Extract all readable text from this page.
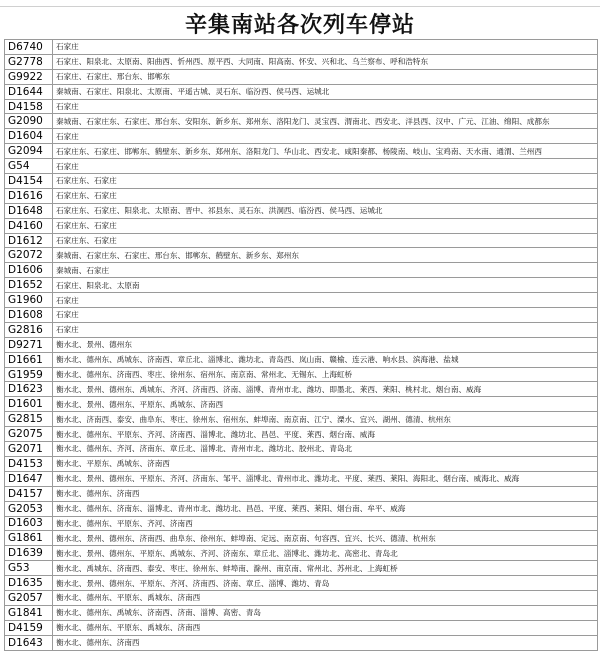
辛集南站各次列车停站
D6740	石家庄
G2778	石家庄、阳泉北、太原南、阳曲西、忻州西、原平西、大同南、阳高南、怀安、兴和北、乌兰察布、呼和浩特东
G9922	石家庄、石家庄、邢台东、邯郸东
D1644	秦城南、石家庄、阳泉北、太原南、平遥古城、灵石东、临汾西、侯马西、运城北
D4158	石家庄
G2090	秦城南、石家庄东、石家庄、邢台东、安阳东、新乡东、郑州东、洛阳龙门、灵宝西、渭南北、西安北、洋县西、汉中、广元、江油、绵阳、成都东
D1604	石家庄
G2094	石家庄东、石家庄、邯郸东、鹤壁东、新乡东、郑州东、洛阳龙门、华山北、西安北、咸阳秦都、杨陵南、岐山、宝鸡南、天水南、通渭、兰州西
G54	石家庄
D4154	石家庄东、石家庄
D1616	石家庄东、石家庄
D1648	石家庄东、石家庄、阳泉北、太原南、晋中、祁县东、灵石东、洪洞西、临汾西、侯马西、运城北
D4160	石家庄东、石家庄
D1612	石家庄东、石家庄
G2072	秦城南、石家庄东、石家庄、邢台东、邯郸东、鹤壁东、新乡东、郑州东
D1606	秦城南、石家庄
D1652	石家庄、阳泉北、太原南
G1960	石家庄
D1608	石家庄
G2816	石家庄
D9271	衡水北、景州、德州东
D1661	衡水北、德州东、禹城东、济南西、章丘北、淄博北、潍坊北、青岛西、岚山南、赣榆、连云港、响水县、滨海港、盐城
G1959	衡水北、德州东、济南西、枣庄、徐州东、宿州东、南京南、常州北、无锡东、上海虹桥
D1623	衡水北、景州、德州东、禹城东、齐河、济南西、济南、淄博、青州市北、潍坊、即墨北、莱西、莱阳、桃村北、烟台南、威海
D1601	衡水北、景州、德州东、平原东、禹城东、济南西
G2815	衡水北、济南西、泰安、曲阜东、枣庄、徐州东、宿州东、蚌埠南、南京南、江宁、溧水、宜兴、湖州、德清、杭州东
G2075	衡水北、德州东、平原东、齐河、济南西、淄博北、潍坊北、昌邑、平度、莱西、烟台南、威海
G2071	衡水北、德州东、齐河、济南东、章丘北、淄博北、青州市北、潍坊北、胶州北、青岛北
D4153	衡水北、平原东、禹城东、济南西
D1647	衡水北、景州、德州东、平原东、齐河、济南东、邹平、淄博北、青州市北、潍坊北、平度、莱西、莱阳、海阳北、烟台南、威海北、威海
D4157	衡水北、德州东、济南西
G2053	衡水北、德州东、济南东、淄博北、青州市北、潍坊北、昌邑、平度、莱西、莱阳、烟台南、牟平、威海
D1603	衡水北、德州东、平原东、齐河、济南西
G1861	衡水北、景州、德州东、济南西、曲阜东、徐州东、蚌埠南、定远、南京南、句容西、宜兴、长兴、德清、杭州东
D1639	衡水北、景州、德州东、平原东、禹城东、齐河、济南东、章丘北、淄博北、潍坊北、高密北、青岛北
G53	衡水北、禹城东、济南西、泰安、枣庄、徐州东、蚌埠南、滁州、南京南、常州北、苏州北、上海虹桥
D1635	衡水北、景州、德州东、平原东、齐河、济南西、济南、章丘、淄博、潍坊、青岛
G2057	衡水北、德州东、平原东、禹城东、济南西
G1841	衡水北、德州东、禹城东、济南西、济南、淄博、高密、青岛
D4159	衡水北、德州东、平原东、禹城东、济南西
D1643	衡水北、德州东、济南西
